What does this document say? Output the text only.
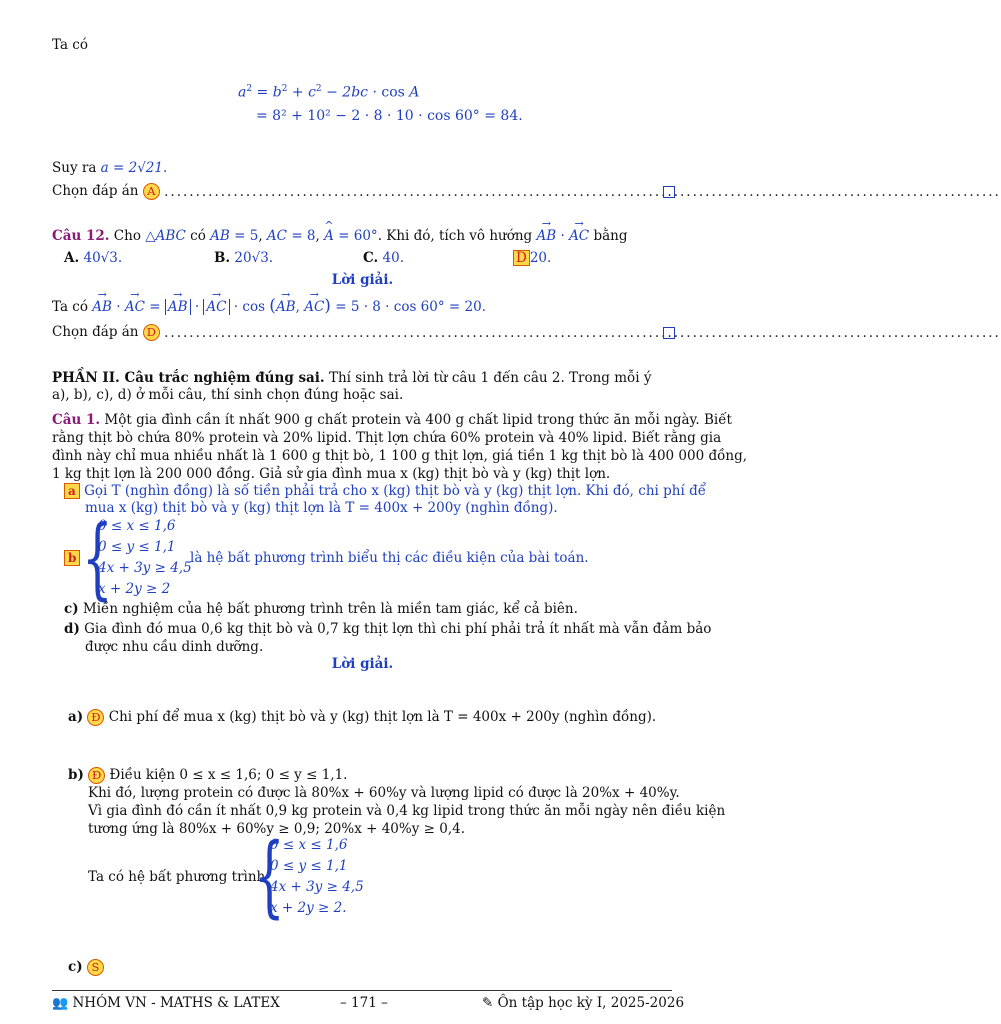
Ta có
$a^2 = b^2 + c^2 - 2bc \cdot \cos A$
= 8² + 10² − 2 · 8 · 10 · cos 60° = 84.
Suy ra a = 2√21.
Chọn đáp án A .....................................................................................................................................
Câu 12. Cho △ABC có AB = 5, AC = 8, ^ A = 60°. Khi đó, tích vô hướng → AB · → AC bằng
A. 40√3.	B. 20√3.	C. 40.	D 20.
Lời giải.
Ta có → AB · → AC = → AB · → AC · cos (→ AB, → AC) = 5 · 8 · cos 60° = 20.
Chọn đáp án D .....................................................................................................................................
PHẦN II. Câu trắc nghiệm đúng sai. Thí sinh trả lời từ câu 1 đến câu 2. Trong mỗi ý a), b), c), d) ở mỗi câu, thí sinh chọn đúng hoặc sai.
Câu 1. Một gia đình cần ít nhất 900 g chất protein và 400 g chất lipid trong thức ăn mỗi ngày. Biết
rằng thịt bò chứa 80% protein và 20% lipid. Thịt lợn chứa 60% protein và 40% lipid. Biết rằng gia
đình này chỉ mua nhiều nhất là 1 600 g thịt bò, 1 100 g thịt lợn, giá tiền 1 kg thịt bò là 400 000 đồng,
1 kg thịt lợn là 200 000 đồng. Giả sử gia đình mua x (kg) thịt bò và y (kg) thịt lợn.
a Gọi T (nghìn đồng) là số tiền phải trả cho x (kg) thịt bò và y (kg) thịt lợn. Khi đó, chi phí để
mua x (kg) thịt bò và y (kg) thịt lợn là T = 400x + 200y (nghìn đồng).
b {
0 ≤ x ≤ 1,6
0 ≤ y ≤ 1,1
4x + 3y ≥ 4,5
x + 2y ≥ 2
là hệ bất phương trình biểu thị các điều kiện của bài toán.
c) Miền nghiệm của hệ bất phương trình trên là miền tam giác, kể cả biên.
d) Gia đình đó mua 0,6 kg thịt bò và 0,7 kg thịt lợn thì chi phí phải trả ít nhất mà vẫn đảm bảo
được nhu cầu dinh dưỡng.
Lời giải.
a) Đ Chi phí để mua x (kg) thịt bò và y (kg) thịt lợn là T = 400x + 200y (nghìn đồng).
b) Đ Điều kiện 0 ≤ x ≤ 1,6; 0 ≤ y ≤ 1,1.
Khi đó, lượng protein có được là 80%x + 60%y và lượng lipid có được là 20%x + 40%y.
Vì gia đình đó cần ít nhất 0,9 kg protein và 0,4 kg lipid trong thức ăn mỗi ngày nên điều kiện
tương ứng là 80%x + 60%y ≥ 0,9; 20%x + 40%y ≥ 0,4.
Ta có hệ bất phương trình
{
0 ≤ x ≤ 1,6
0 ≤ y ≤ 1,1
4x + 3y ≥ 4,5
x + 2y ≥ 2.
c) S
👥 NHÓM VN - MATHS & LATEX	– 171 –	✎ Ôn tập học kỳ I, 2025-2026
